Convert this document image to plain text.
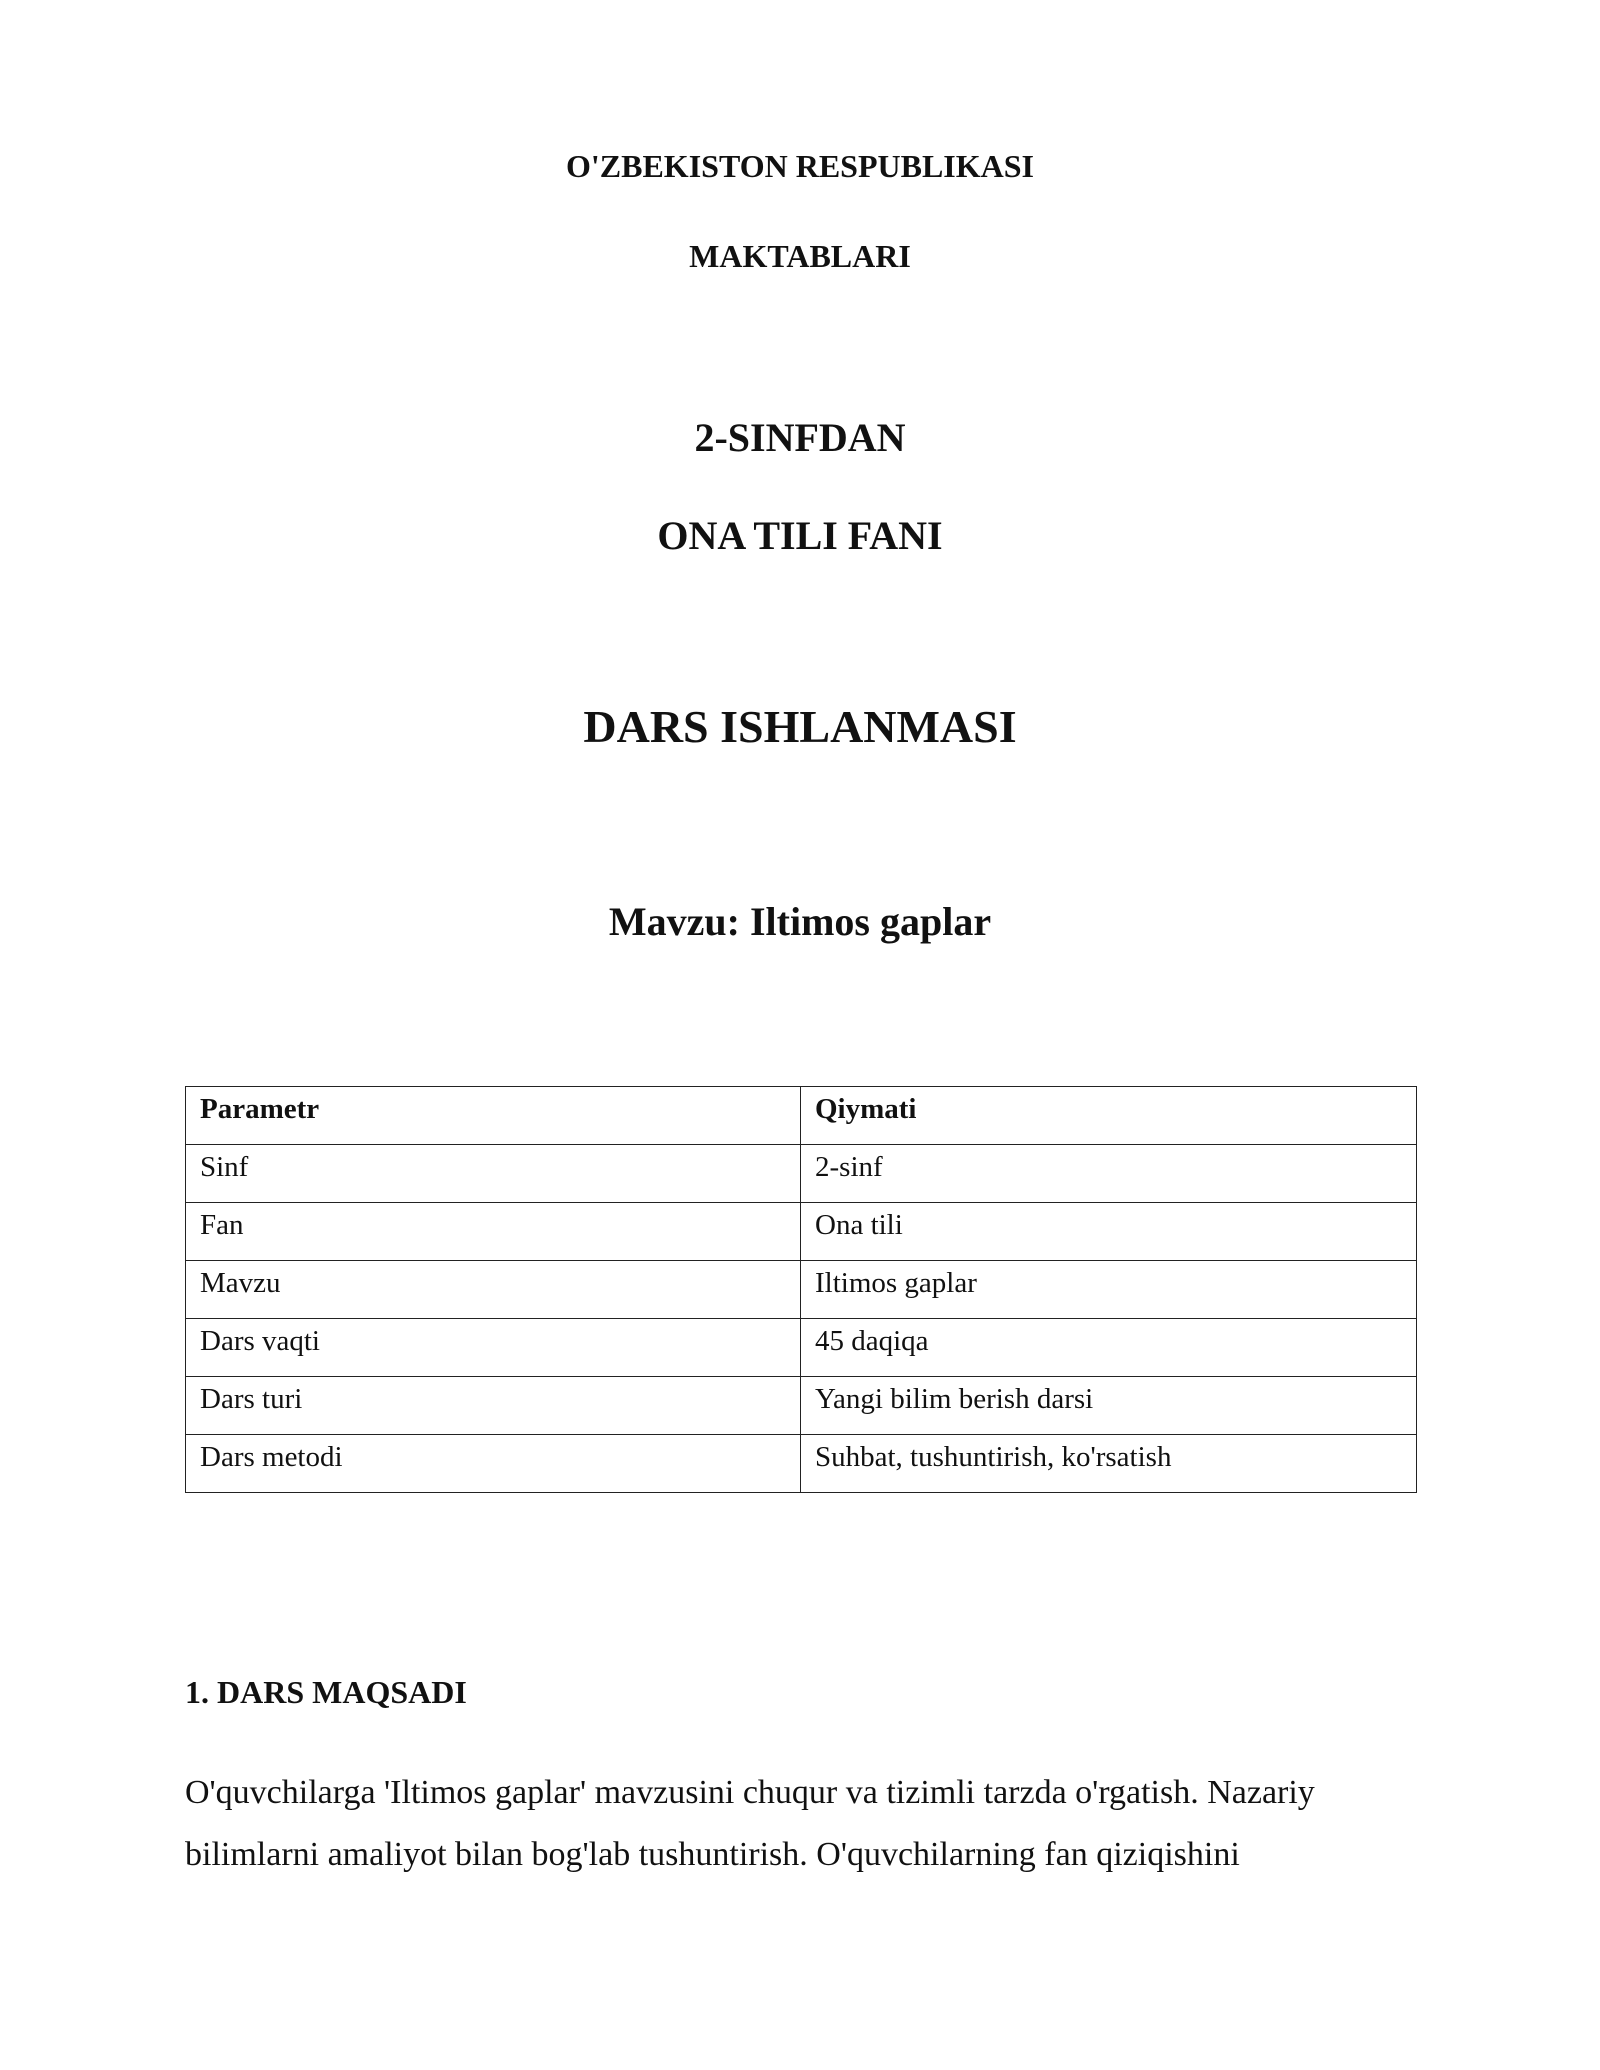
O'ZBEKISTON RESPUBLIKASI
MAKTABLARI
2-SINFDAN
ONA TILI FANI
DARS ISHLANMASI
Mavzu: Iltimos gaplar
Parametr	Qiymati
Sinf	2-sinf
Fan	Ona tili
Mavzu	Iltimos gaplar
Dars vaqti	45 daqiqa
Dars turi	Yangi bilim berish darsi
Dars metodi	Suhbat, tushuntirish, ko'rsatish
1. DARS MAQSADI
O'quvchilarga 'Iltimos gaplar' mavzusini chuqur va tizimli tarzda o'rgatish. Nazariy
bilimlarni amaliyot bilan bog'lab tushuntirish. O'quvchilarning fan qiziqishini
